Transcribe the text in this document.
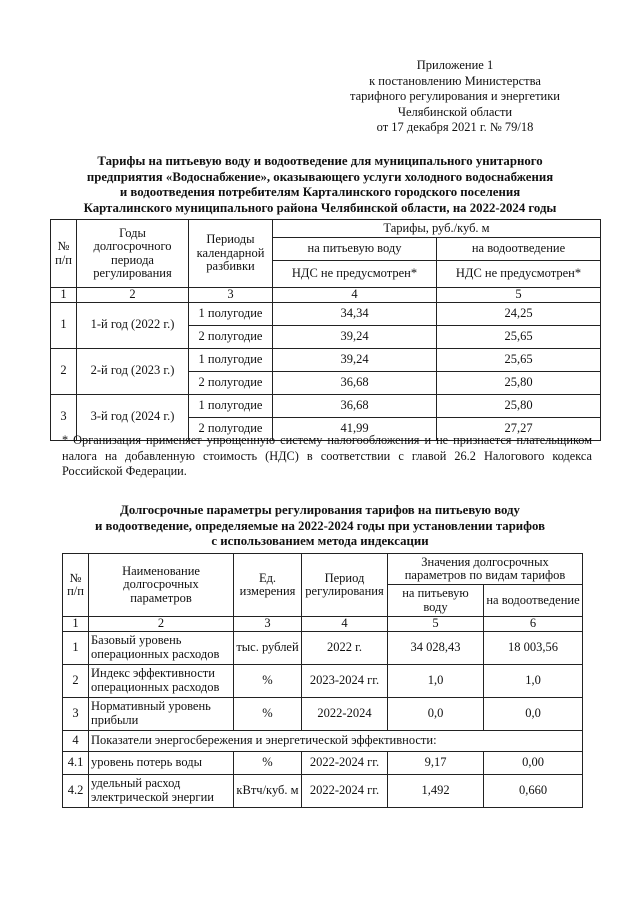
Приложение 1
к постановлению Министерства
тарифного регулирования и энергетики
Челябинской области
от 17 декабря 2021 г. № 79/18
Тарифы на питьевую воду и водоотведение для муниципального унитарного
предприятия «Водоснабжение», оказывающего услуги холодного водоснабжения
и водоотведения потребителям Карталинского городского поселения
Карталинского муниципального района Челябинской области, на 2022-2024 годы
№ п/п	Годы долгосрочного периода регулирования	Периоды календарной разбивки	Тарифы, руб./куб. м	
			на питьевую воду	на водоотведение
			НДС не предусмотрен*	НДС не предусмотрен*
1	2	3	4	5
1	1-й год (2022 г.)	1 полугодие	34,34	24,25
		2 полугодие	39,24	25,65
2	2-й год (2023 г.)	1 полугодие	39,24	25,65
		2 полугодие	36,68	25,80
3	3-й год (2024 г.)	1 полугодие	36,68	25,80
		2 полугодие	41,99	27,27
* Организация применяет упрощенную систему налогообложения и не признается плательщиком налога на добавленную стоимость (НДС) в соответствии с главой 26.2 Налогового кодекса Российской Федерации.
Долгосрочные параметры регулирования тарифов на питьевую воду
и водоотведение, определяемые на 2022-2024 годы при установлении тарифов
с использованием метода индексации
№ п/п	Наименование долгосрочных параметров	Ед. измерения	Период регулирования	Значения долгосрочных параметров по видам тарифов	
				на питьевую воду	на водоотведение
1	2	3	4	5	6
1	Базовый уровень операционных расходов	тыс. рублей	2022 г.	34 028,43	18 003,56
2	Индекс эффективности операционных расходов	%	2023-2024 гг.	1,0	1,0
3	Нормативный уровень прибыли	%	2022-2024	0,0	0,0
4	Показатели энергосбережения и энергетической эффективности:				
4.1	уровень потерь воды	%	2022-2024 гг.	9,17	0,00
4.2	удельный расход электрической энергии	кВтч/куб. м	2022-2024 гг.	1,492	0,660
